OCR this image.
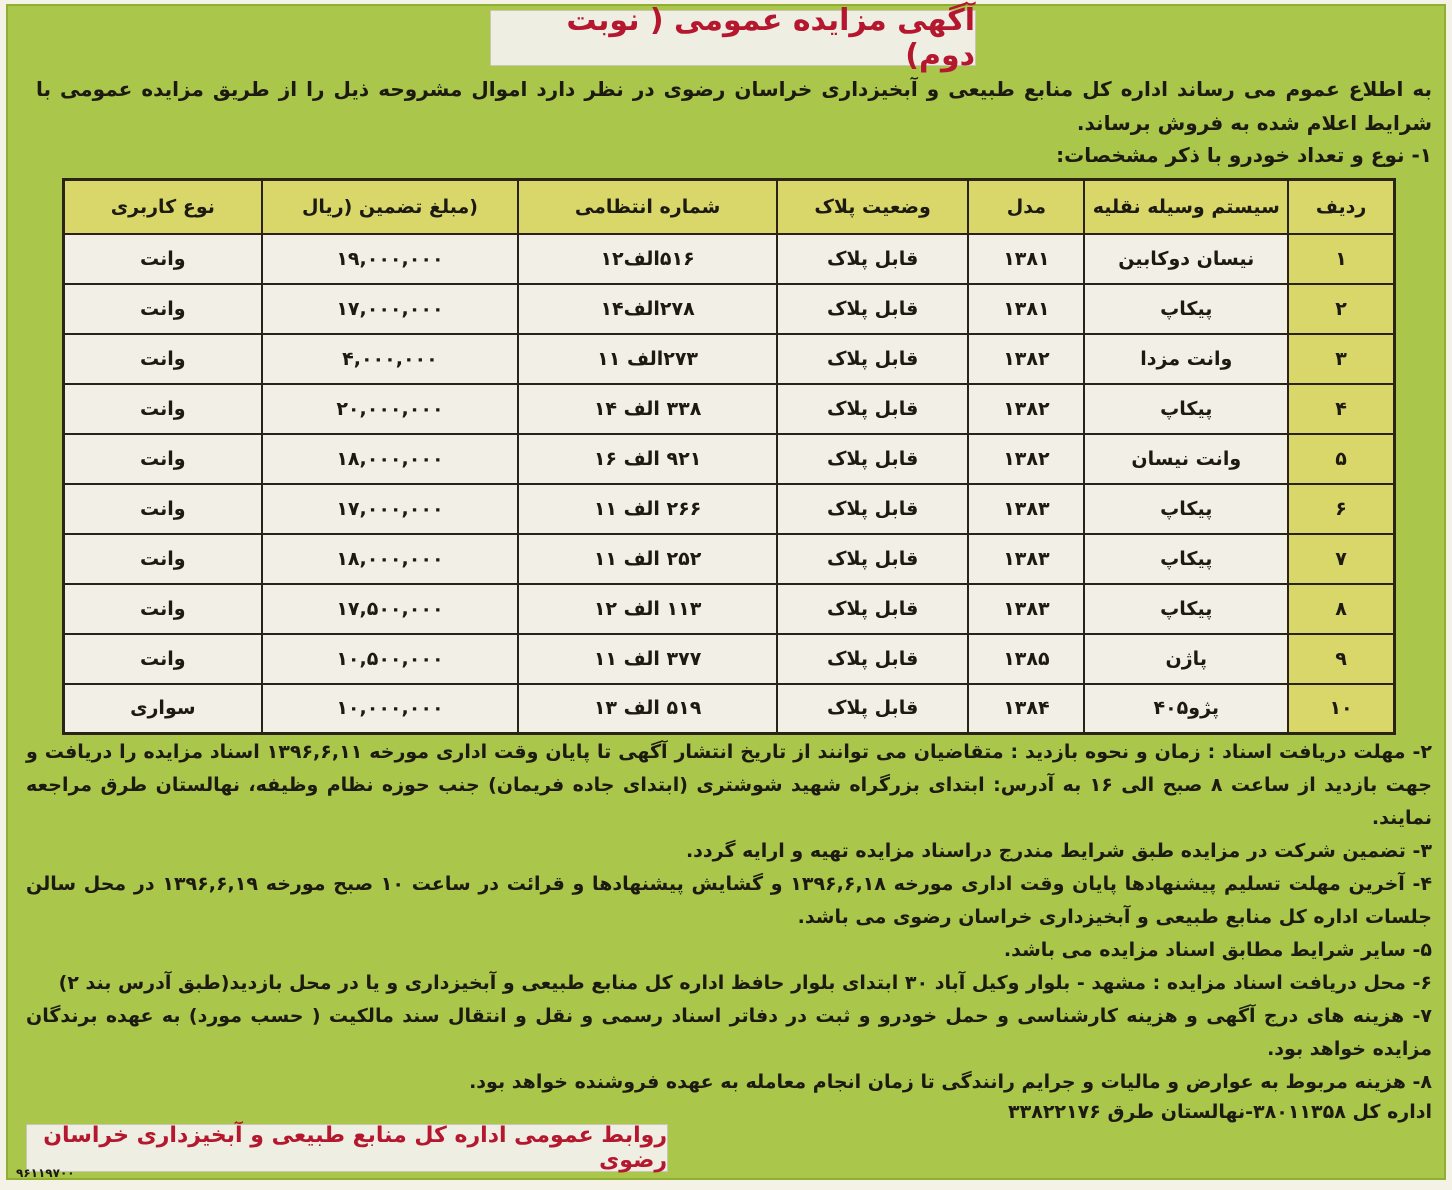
آگهی مزایده عمومی ( نوبت دوم)
به اطلاع عموم می رساند اداره کل منابع طبیعی و آبخیزداری خراسان رضوی در نظر دارد اموال مشروحه ذیل را از طریق مزایده عمومی با شرایط اعلام شده به فروش برساند.
۱- نوع و تعداد خودرو با ذکر مشخصات:
ردیف	سیستم وسیله نقلیه	مدل	وضعیت پلاک	شماره انتظامی	(مبلغ تضمین (ریال	نوع کاربری
۱	نیسان دوکابین	۱۳۸۱	قابل پلاک	۵۱۶الف۱۲	۱۹,۰۰۰,۰۰۰	وانت
۲	پیکاپ	۱۳۸۱	قابل پلاک	۲۷۸الف۱۴	۱۷,۰۰۰,۰۰۰	وانت
۳	وانت مزدا	۱۳۸۲	قابل پلاک	۲۷۳الف ۱۱	۴,۰۰۰,۰۰۰	وانت
۴	پیکاپ	۱۳۸۲	قابل پلاک	۳۳۸ الف ۱۴	۲۰,۰۰۰,۰۰۰	وانت
۵	وانت نیسان	۱۳۸۲	قابل پلاک	۹۲۱ الف ۱۶	۱۸,۰۰۰,۰۰۰	وانت
۶	پیکاپ	۱۳۸۳	قابل پلاک	۲۶۶ الف ۱۱	۱۷,۰۰۰,۰۰۰	وانت
۷	پیکاپ	۱۳۸۳	قابل پلاک	۲۵۲ الف ۱۱	۱۸,۰۰۰,۰۰۰	وانت
۸	پیکاپ	۱۳۸۳	قابل پلاک	۱۱۳ الف ۱۲	۱۷,۵۰۰,۰۰۰	وانت
۹	پاژن	۱۳۸۵	قابل پلاک	۳۷۷ الف ۱۱	۱۰,۵۰۰,۰۰۰	وانت
۱۰	پژو۴۰۵	۱۳۸۴	قابل پلاک	۵۱۹ الف ۱۳	۱۰,۰۰۰,۰۰۰	سواری
۲- مهلت دریافت اسناد : زمان و نحوه بازدید : متقاضیان می توانند از تاریخ انتشار آگهی تا پایان وقت اداری مورخه ۱۳۹۶,۶,۱۱ اسناد مزایده را دریافت و جهت بازدید از ساعت ۸ صبح الی ۱۶ به آدرس: ابتدای بزرگراه شهید شوشتری (ابتدای جاده فریمان) جنب حوزه نظام وظیفه، نهالستان طرق مراجعه نمایند.
۳- تضمین شرکت در مزایده طبق شرایط مندرج دراسناد مزایده تهیه و ارایه گردد.
۴- آخرین مهلت تسلیم پیشنهادها پایان وقت اداری مورخه ۱۳۹۶,۶,۱۸ و گشایش پیشنهادها و قرائت در ساعت ۱۰ صبح مورخه ۱۳۹۶,۶,۱۹ در محل سالن جلسات اداره کل منابع طبیعی و آبخیزداری خراسان رضوی می باشد.
۵- سایر شرایط مطابق اسناد مزایده می باشد.
۶- محل دریافت اسناد مزایده : مشهد - بلوار وکیل آباد ۳۰ ابتدای بلوار حافظ اداره کل منابع طبیعی و آبخیزداری و یا در محل بازدید(طبق آدرس بند ۲)
۷- هزینه های درج آگهی و هزینه کارشناسی و حمل خودرو و ثبت در دفاتر اسناد رسمی و نقل و انتقال سند مالکیت ( حسب مورد) به عهده برندگان مزایده خواهد بود.
۸- هزینه مربوط به عوارض و مالیات و جرایم رانندگی تا زمان انجام معامله به عهده فروشنده خواهد بود.
اداره کل ۳۸۰۱۱۳۵۸-نهالستان طرق ۳۳۸۲۲۱۷۶
روابط عمومی اداره کل منابع طبیعی و آبخیزداری خراسان رضوی
۹۶۱۱۹۷۰۰
